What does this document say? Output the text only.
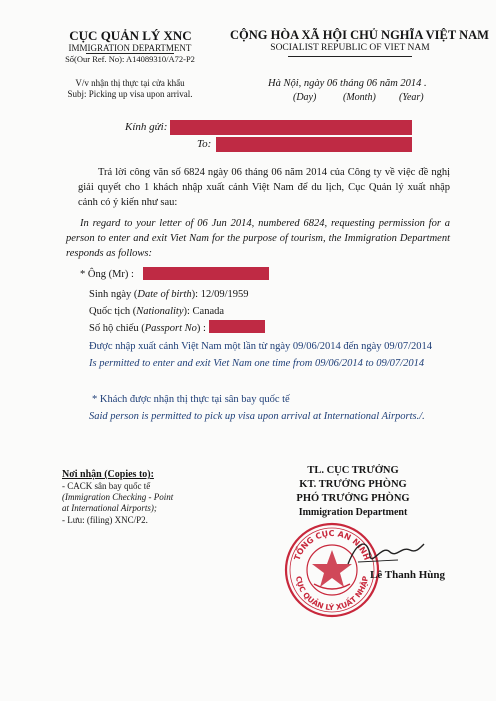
CỤC QUẢN LÝ XNC
IMMIGRATION DEPARTMENT
Số(Our Ref. No): A14089310/A72-P2
V/v nhận thị thực tại cửa khẩu
Subj: Picking up visa upon arrival.
CỘNG HÒA XÃ HỘI CHỦ NGHĨA VIỆT NAM
SOCIALIST REPUBLIC OF VIET NAM
Hà Nội, ngày 06 tháng 06 năm 2014 .
(Day)	(Month) (Year)
Kính gửi:
To:
Trả lời công văn số 6824 ngày 06 tháng 06 năm 2014 của Công ty về việc đề nghị giải quyết cho 1 khách nhập xuất cảnh Việt Nam để du lịch, Cục Quản lý xuất nhập cảnh có ý kiến như sau:
In regard to your letter of 06 Jun 2014, numbered 6824, requesting permission for a person to enter and exit Viet Nam for the purpose of tourism, the Immigration Department responds as follows:
* Ông (Mr) :
Sinh ngày (Date of birth): 12/09/1959
Quốc tịch (Nationality): Canada
Số hộ chiếu (Passport No) :
Được nhập xuất cảnh Việt Nam một lần từ ngày 09/06/2014 đến ngày 09/07/2014
Is permitted to enter and exit Viet Nam one time from 09/06/2014 to 09/07/2014
* Khách được nhận thị thực tại sân bay quốc tế
Said person is permitted to pick up visa upon arrival at International Airports./.
Nơi nhận (Copies to):
- CACK sân bay quốc tế
(Immigration Checking - Point
at International Airports);
- Lưu: (filing) XNC/P2.
TL. CỤC TRƯỞNG
KT. TRƯỞNG PHÒNG
PHÓ TRƯỞNG PHÒNG
Immigration Department
TỔNG CỤC AN NINH
CỤC QUẢN LÝ XUẤT NHẬP Lê Thanh Hùng
